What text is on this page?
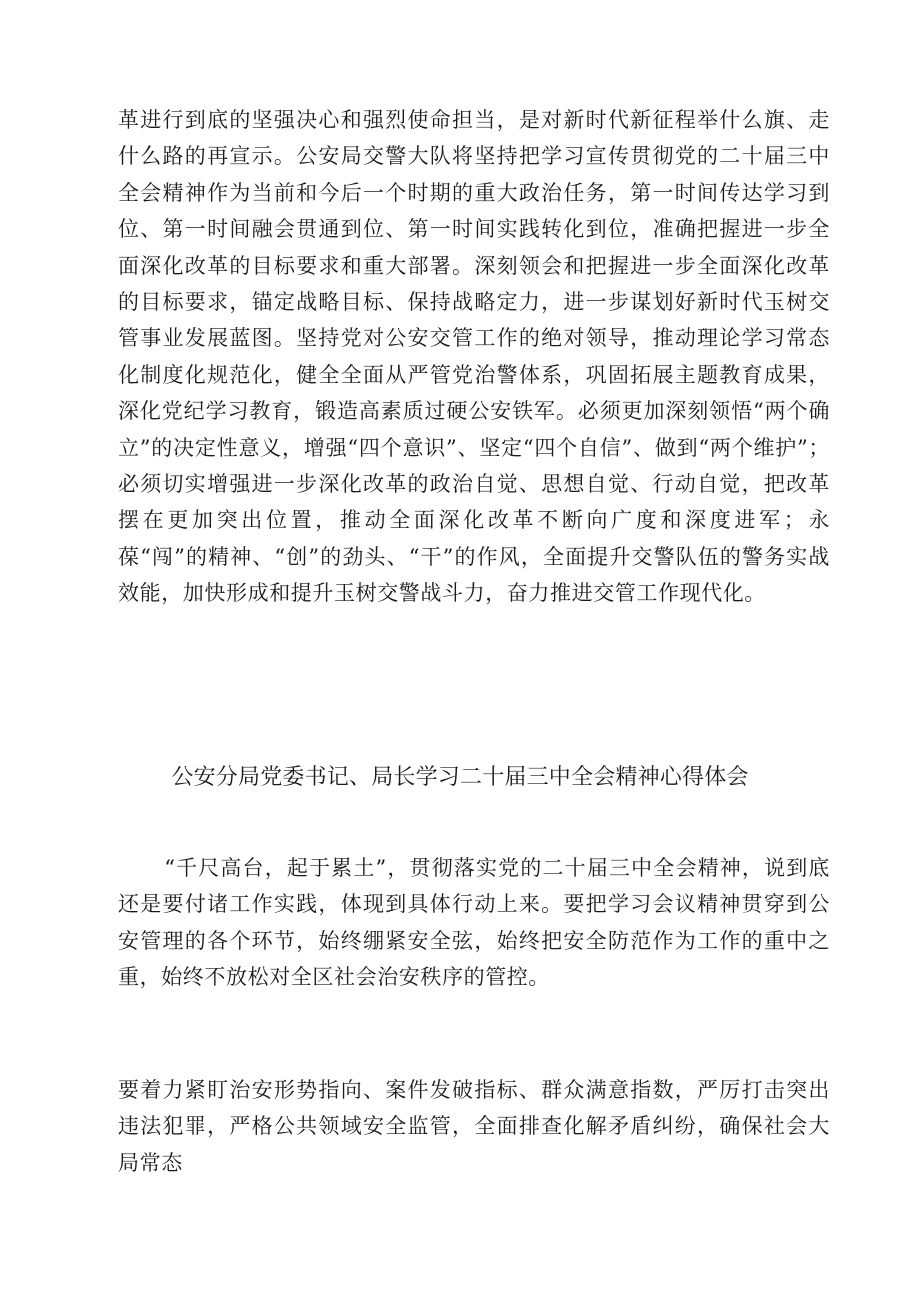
革进行到底的坚强决心和强烈使命担当，是对新时代新征程举什么旗、走什么路的再宣示。公安局交警大队将坚持把学习宣传贯彻党的二十届三中全会精神作为当前和今后一个时期的重大政治任务，第一时间传达学习到位、第一时间融会贯通到位、第一时间实践转化到位，准确把握进一步全面深化改革的目标要求和重大部署。深刻领会和把握进一步全面深化改革的目标要求，锚定战略目标、保持战略定力，进一步谋划好新时代玉树交管事业发展蓝图。坚持党对公安交管工作的绝对领导，推动理论学习常态化制度化规范化，健全全面从严管党治警体系，巩固拓展主题教育成果，深化党纪学习教育，锻造高素质过硬公安铁军。必须更加深刻领悟“两个确立”的决定性意义，增强“四个意识”、坚定“四个自信”、做到“两个维护”；必须切实增强进一步深化改革的政治自觉、思想自觉、行动自觉，把改革摆在更加突出位置，推动全面深化改革不断向广度和深度进军；永葆“闯”的精神、“创”的劲头、“干”的作风，全面提升交警队伍的警务实战效能，加快形成和提升玉树交警战斗力，奋力推进交管工作现代化。

公安分局党委书记、局长学习二十届三中全会精神心得体会

“千尺高台，起于累土”，贯彻落实党的二十届三中全会精神，说到底还是要付诸工作实践，体现到具体行动上来。要把学习会议精神贯穿到公安管理的各个环节，始终绷紧安全弦，始终把安全防范作为工作的重中之重，始终不放松对全区社会治安秩序的管控。

要着力紧盯治安形势指向、案件发破指标、群众满意指数，严厉打击突出违法犯罪，严格公共领域安全监管，全面排查化解矛盾纠纷，确保社会大局常态
